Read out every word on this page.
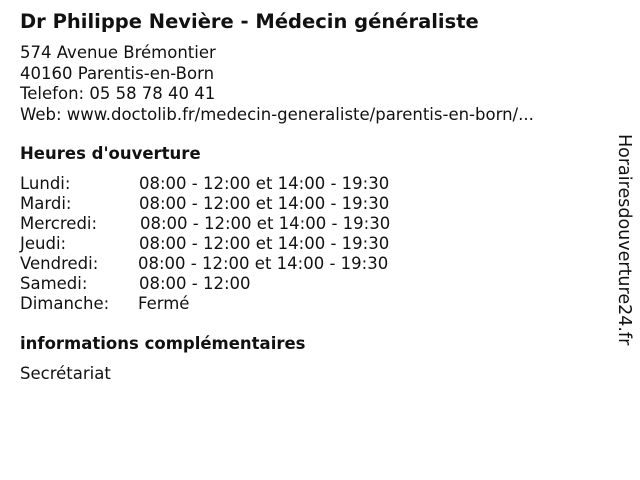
Dr Philippe Nevière - Médecin généraliste
574 Avenue Brémontier
40160 Parentis-en-Born
Telefon: 05 58 78 40 41
Web: www.doctolib.fr/medecin-generaliste/parentis-en-born/...
Heures d'ouverture
Lundi:	08:00 - 12:00 et 14:00 - 19:30
Mardi:	08:00 - 12:00 et 14:00 - 19:30
Mercredi:	08:00 - 12:00 et 14:00 - 19:30
Jeudi:	08:00 - 12:00 et 14:00 - 19:30
Vendredi: 08:00 - 12:00 et 14:00 - 19:30
Samedi:	08:00 - 12:00
Dimanche: Fermé
informations complémentaires
Secrétariat
Horairesdouverture24.fr
